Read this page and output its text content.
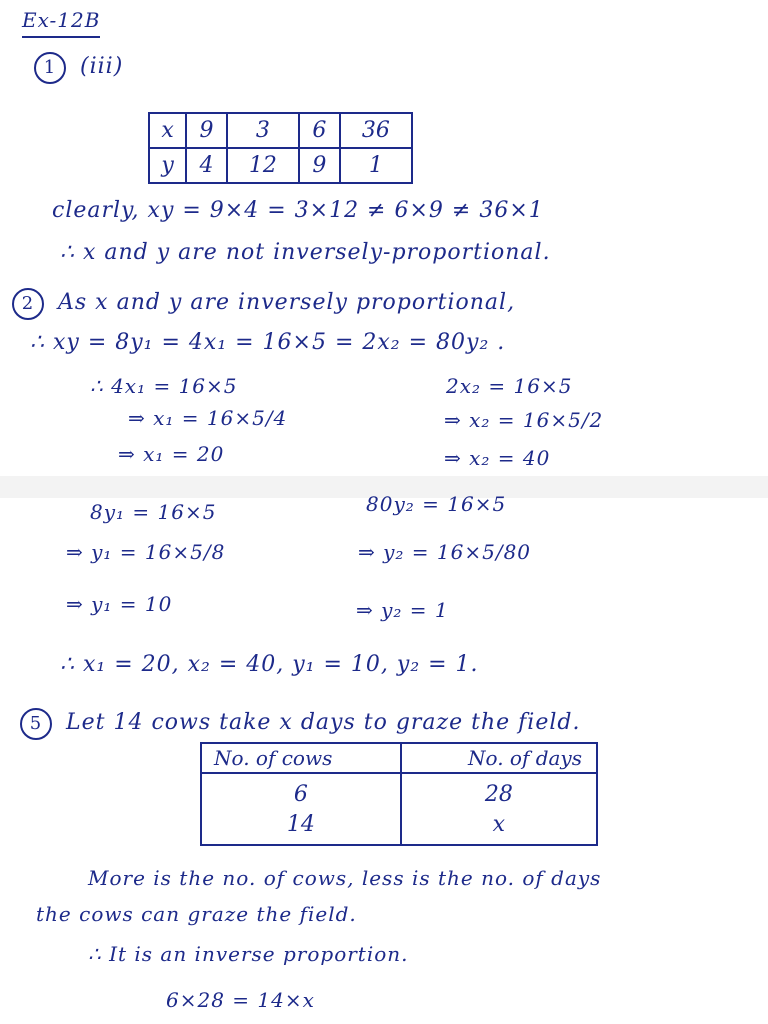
Ex-12B
1 (iii)
x	9	3	6	36
y	4	12	9	1
clearly, xy = 9×4 = 3×12 ≠ 6×9 ≠ 36×1
∴ x and y are not inversely-proportional.
2 As x and y are inversely proportional,
∴ xy = 8y₁ = 4x₁ = 16×5 = 2x₂ = 80y₂ .
∴ 4x₁ = 16×5
⇒ x₁ = 16×5/4
⇒ x₁ = 20
2x₂ = 16×5
⇒ x₂ = 16×5/2
⇒ x₂ = 40
8y₁ = 16×5
⇒ y₁ = 16×5/8
⇒ y₁ = 10
80y₂ = 16×5
⇒ y₂ = 16×5/80
⇒ y₂ = 1
∴ x₁ = 20, x₂ = 40, y₁ = 10, y₂ = 1.
5 Let 14 cows take x days to graze the field.
No. of cows	No. of days
6	28
14	x
More is the no. of cows, less is the no. of days
the cows can graze the field.
∴ It is an inverse proportion.
6×28 = 14×x
